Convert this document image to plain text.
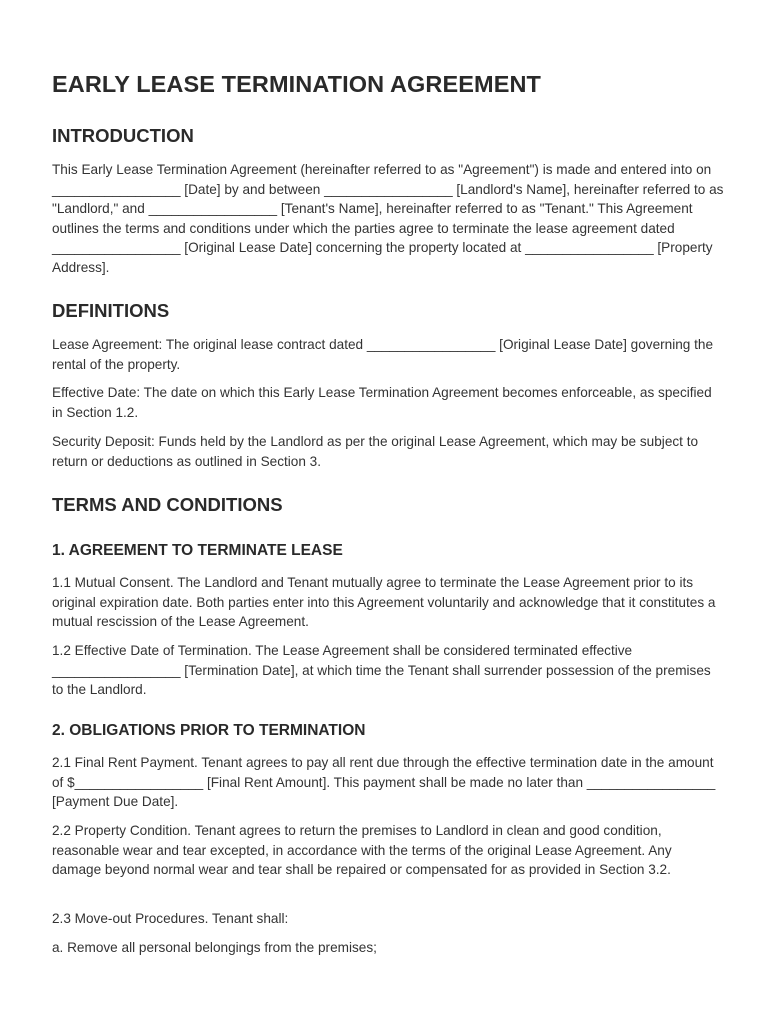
EARLY LEASE TERMINATION AGREEMENT
INTRODUCTION

This Early Lease Termination Agreement (hereinafter referred to as "Agreement") is made and entered into on _________________ [Date] by and between _________________ [Landlord's Name], hereinafter referred to as "Landlord," and _________________ [Tenant's Name], hereinafter referred to as "Tenant." This Agreement outlines the terms and conditions under which the parties agree to terminate the lease agreement dated _________________ [Original Lease Date] concerning the property located at _________________ [Property Address].

DEFINITIONS

Lease Agreement: The original lease contract dated _________________ [Original Lease Date] governing the rental of the property.

Effective Date: The date on which this Early Lease Termination Agreement becomes enforceable, as specified in Section 1.2.

Security Deposit: Funds held by the Landlord as per the original Lease Agreement, which may be subject to return or deductions as outlined in Section 3.

TERMS AND CONDITIONS
1. AGREEMENT TO TERMINATE LEASE

1.1 Mutual Consent. The Landlord and Tenant mutually agree to terminate the Lease Agreement prior to its original expiration date. Both parties enter into this Agreement voluntarily and acknowledge that it constitutes a mutual rescission of the Lease Agreement.

1.2 Effective Date of Termination. The Lease Agreement shall be considered terminated effective _________________ [Termination Date], at which time the Tenant shall surrender possession of the premises to the Landlord.

2. OBLIGATIONS PRIOR TO TERMINATION

2.1 Final Rent Payment. Tenant agrees to pay all rent due through the effective termination date in the amount of $_________________ [Final Rent Amount]. This payment shall be made no later than _________________ [Payment Due Date].

2.2 Property Condition. Tenant agrees to return the premises to Landlord in clean and good condition, reasonable wear and tear excepted, in accordance with the terms of the original Lease Agreement. Any damage beyond normal wear and tear shall be repaired or compensated for as provided in Section 3.2.

2.3 Move-out Procedures. Tenant shall:

a. Remove all personal belongings from the premises;
